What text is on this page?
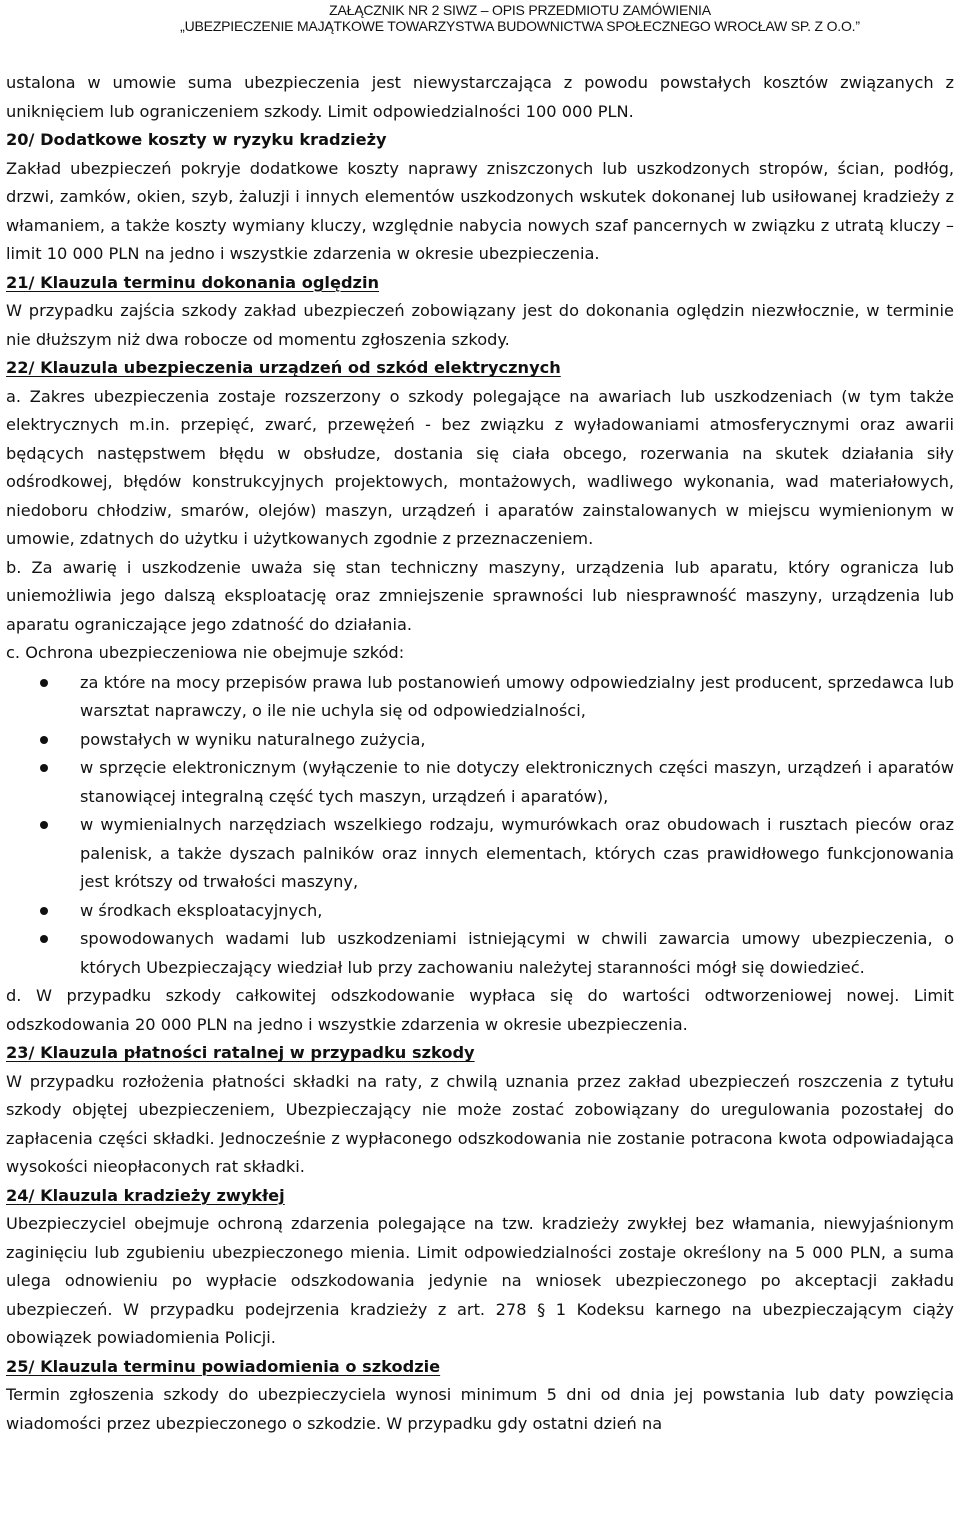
ZAŁĄCZNIK NR 2 SIWZ – OPIS PRZEDMIOTU ZAMÓWIENIA
„UBEZPIECZENIE MAJĄTKOWE TOWARZYSTWA BUDOWNICTWA SPOŁECZNEGO WROCŁAW SP. Z O.O.”

ustalona w umowie suma ubezpieczenia jest niewystarczająca z powodu powstałych kosztów związanych z uniknięciem lub ograniczeniem szkody. Limit odpowiedzialności 100 000 PLN.

20/ Dodatkowe koszty w ryzyku kradzieży

Zakład ubezpieczeń pokryje dodatkowe koszty naprawy zniszczonych lub uszkodzonych stropów, ścian, podłóg, drzwi, zamków, okien, szyb, żaluzji i innych elementów uszkodzonych wskutek dokonanej lub usiłowanej kradzieży z włamaniem, a także koszty wymiany kluczy, względnie nabycia nowych szaf pancernych w związku z utratą kluczy – limit 10 000 PLN na jedno i wszystkie zdarzenia w okresie ubezpieczenia.

21/ Klauzula terminu dokonania oględzin

W przypadku zajścia szkody zakład ubezpieczeń zobowiązany jest do dokonania oględzin niezwłocznie, w terminie nie dłuższym niż dwa robocze od momentu zgłoszenia szkody.

22/ Klauzula ubezpieczenia urządzeń od szkód elektrycznych

a. Zakres ubezpieczenia zostaje rozszerzony o szkody polegające na awariach lub uszkodzeniach (w tym także elektrycznych m.in. przepięć, zwarć, przewężeń - bez związku z wyładowaniami atmosferycznymi oraz awarii będących następstwem błędu w obsłudze, dostania się ciała obcego, rozerwania na skutek działania siły odśrodkowej, błędów konstrukcyjnych projektowych, montażowych, wadliwego wykonania, wad materiałowych, niedoboru chłodziw, smarów, olejów) maszyn, urządzeń i aparatów zainstalowanych w miejscu wymienionym w umowie, zdatnych do użytku i użytkowanych zgodnie z przeznaczeniem.

b. Za awarię i uszkodzenie uważa się stan techniczny maszyny, urządzenia lub aparatu, który ogranicza lub uniemożliwia jego dalszą eksploatację oraz zmniejszenie sprawności lub niesprawność maszyny, urządzenia lub aparatu ograniczające jego zdatność do działania.

c. Ochrona ubezpieczeniowa nie obejmuje szkód:

za które na mocy przepisów prawa lub postanowień umowy odpowiedzialny jest producent, sprzedawca lub warsztat naprawczy, o ile nie uchyla się od odpowiedzialności,
powstałych w wyniku naturalnego zużycia,
w sprzęcie elektronicznym (wyłączenie to nie dotyczy elektronicznych części maszyn, urządzeń i aparatów stanowiącej integralną część tych maszyn, urządzeń i aparatów),
w wymienialnych narzędziach wszelkiego rodzaju, wymurówkach oraz obudowach i rusztach pieców oraz palenisk, a także dyszach palników oraz innych elementach, których czas prawidłowego funkcjonowania jest krótszy od trwałości maszyny,
w środkach eksploatacyjnych,
spowodowanych wadami lub uszkodzeniami istniejącymi w chwili zawarcia umowy ubezpieczenia, o których Ubezpieczający wiedział lub przy zachowaniu należytej staranności mógł się dowiedzieć.

d. W przypadku szkody całkowitej odszkodowanie wypłaca się do wartości odtworzeniowej nowej. Limit odszkodowania 20 000 PLN na jedno i wszystkie zdarzenia w okresie ubezpieczenia.

23/ Klauzula płatności ratalnej w przypadku szkody

W przypadku rozłożenia płatności składki na raty, z chwilą uznania przez zakład ubezpieczeń roszczenia z tytułu szkody objętej ubezpieczeniem, Ubezpieczający nie może zostać zobowiązany do uregulowania pozostałej do zapłacenia części składki. Jednocześnie z wypłaconego odszkodowania nie zostanie potracona kwota odpowiadająca wysokości nieopłaconych rat składki.

24/ Klauzula kradzieży zwykłej

Ubezpieczyciel obejmuje ochroną zdarzenia polegające na tzw. kradzieży zwykłej bez włamania, niewyjaśnionym zaginięciu lub zgubieniu ubezpieczonego mienia. Limit odpowiedzialności zostaje określony na 5 000 PLN, a suma ulega odnowieniu po wypłacie odszkodowania jedynie na wniosek ubezpieczonego po akceptacji zakładu ubezpieczeń. W przypadku podejrzenia kradzieży z art. 278 § 1 Kodeksu karnego na ubezpieczającym ciąży obowiązek powiadomienia Policji.

25/ Klauzula terminu powiadomienia o szkodzie

Termin zgłoszenia szkody do ubezpieczyciela wynosi minimum 5 dni od dnia jej powstania lub daty powzięcia wiadomości przez ubezpieczonego o szkodzie. W przypadku gdy ostatni dzień na
